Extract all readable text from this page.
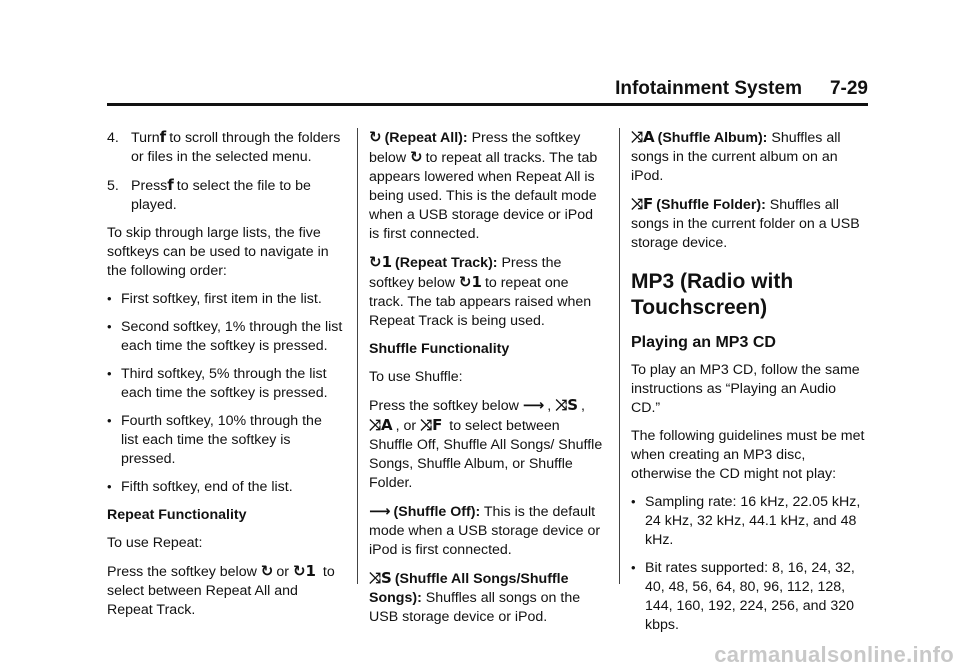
Infotainment System 7-29

4. Turnf to scroll through the folders or files in the selected menu.

5. Pressf to select the file to be played.

To skip through large lists, the five softkeys can be used to navigate in the following order:

• First softkey, first item in the list.
• Second softkey, 1% through the list each time the softkey is pressed.
• Third softkey, 5% through the list each time the softkey is pressed.
• Fourth softkey, 10% through the list each time the softkey is pressed.
• Fifth softkey, end of the list.

Repeat Functionality

To use Repeat:

Press the softkey below ↻ or ↻1 to select between Repeat All and Repeat Track.

↻ (Repeat All): Press the softkey below ↻ to repeat all tracks. The tab appears lowered when Repeat All is being used. This is the default mode when a USB storage device or iPod is first connected.

↻1 (Repeat Track): Press the softkey below ↻1 to repeat one track. The tab appears raised when Repeat Track is being used.

Shuffle Functionality

To use Shuffle:

Press the softkey below ⟶ , ⤨S , ⤨A , or ⤨F to select between Shuffle Off, Shuffle All Songs/ Shuffle Songs, Shuffle Album, or Shuffle Folder.

⟶ (Shuffle Off): This is the default mode when a USB storage device or iPod is first connected.

⤨S (Shuffle All Songs/Shuffle Songs): Shuffles all songs on the USB storage device or iPod.

⤨A (Shuffle Album): Shuffles all songs in the current album on an iPod.

⤨F (Shuffle Folder): Shuffles all songs in the current folder on a USB storage device.

MP3 (Radio with Touchscreen)
Playing an MP3 CD

To play an MP3 CD, follow the same instructions as “Playing an Audio CD.”

The following guidelines must be met when creating an MP3 disc, otherwise the CD might not play:

• Sampling rate: 16 kHz, 22.05 kHz, 24 kHz, 32 kHz, 44.1 kHz, and 48 kHz.
• Bit rates supported: 8, 16, 24, 32, 40, 48, 56, 64, 80, 96, 112, 128, 144, 160, 192, 224, 256, and 320 kbps.
carmanualsonline.info
